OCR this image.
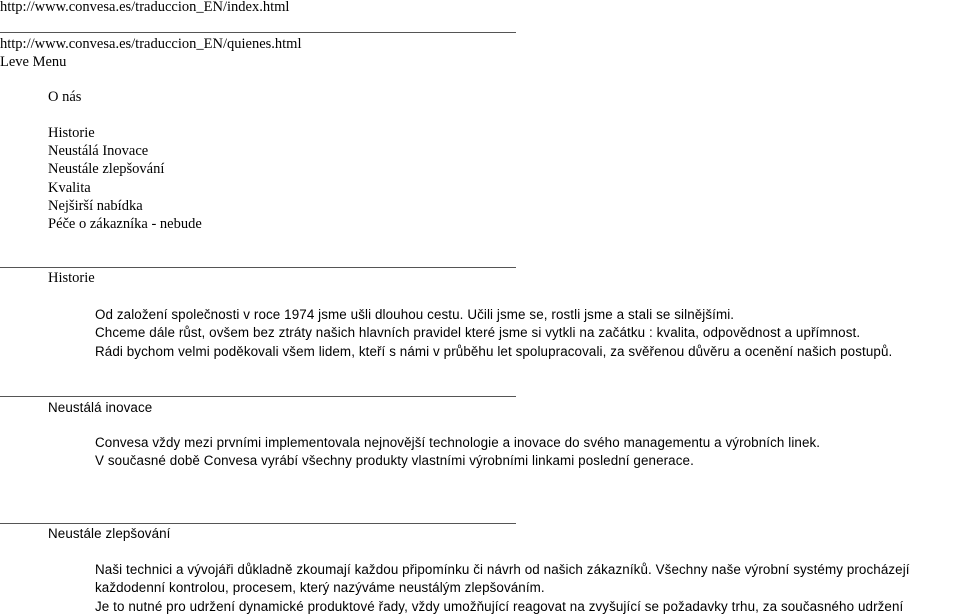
http://www.convesa.es/traduccion_EN/index.html
http://www.convesa.es/traduccion_EN/quienes.html
Leve Menu
O nás
Historie
Neustálá Inovace
Neustále zlepšování
Kvalita
Nejširší nabídka
Péče o zákazníka - nebude
Historie
Od založení společnosti v roce 1974 jsme ušli dlouhou cestu. Učili jsme se, rostli jsme a stali se silnějšími.
Chceme dále růst, ovšem bez ztráty našich hlavních pravidel které jsme si vytkli na začátku : kvalita, odpovědnost a upřímnost.
Rádi bychom velmi poděkovali všem lidem, kteří s námi v průběhu let spolupracovali, za svěřenou důvěru a ocenění našich postupů.
Neustálá inovace
Convesa vždy mezi prvními implementovala nejnovější technologie a inovace do svého managementu a výrobních linek.
V současné době Convesa vyrábí všechny produkty vlastními výrobními linkami poslední generace.
Neustále zlepšování
Naši technici a vývojáři důkladně zkoumají každou připomínku či návrh od našich zákazníků. Všechny naše výrobní systémy procházejí
každodenní kontrolou, procesem, který nazýváme neustálým zlepšováním.
Je to nutné pro udržení dynamické produktové řady, vždy umožňující reagovat na zvyšující se požadavky trhu, za současného udržení
